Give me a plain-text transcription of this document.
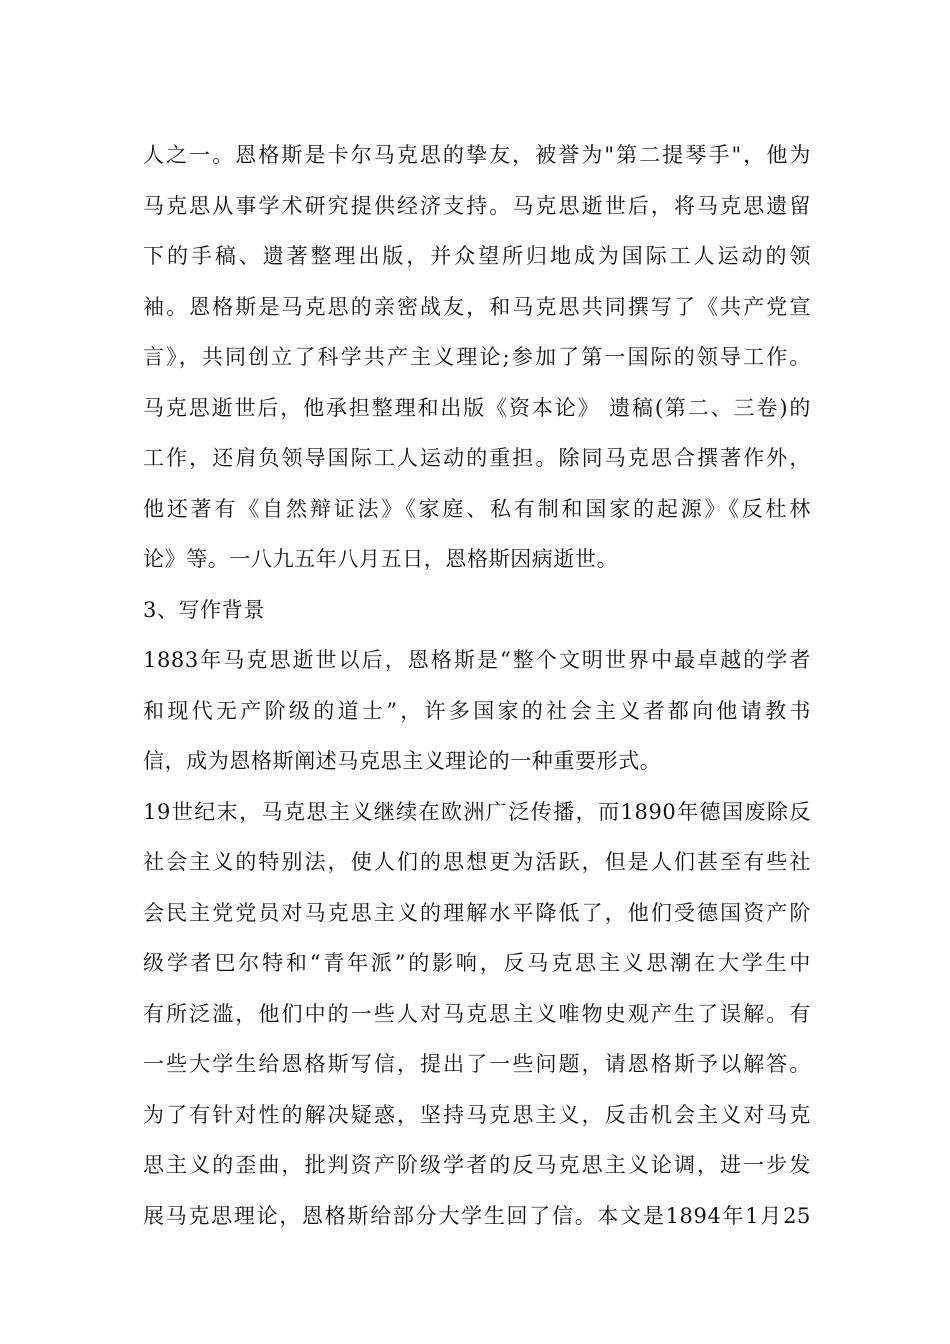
人之一。恩格斯是卡尔马克思的挚友，被誉为"第二提琴手"，他为
马克思从事学术研究提供经济支持。马克思逝世后，将马克思遗留
下的手稿、遗著整理出版，并众望所归地成为国际工人运动的领
袖。恩格斯是马克思的亲密战友，和马克思共同撰写了《共产党宣
言》，共同创立了科学共产主义理论;参加了第一国际的领导工作。
马克思逝世后，他承担整理和出版《资本论》 遗稿(第二、三卷)的
工作，还肩负领导国际工人运动的重担。除同马克思合撰著作外，
他还著有《自然辩证法》《家庭、私有制和国家的起源》《反杜林
论》等。一八九五年八月五日，恩格斯因病逝世。
3、写作背景
1883年马克思逝世以后，恩格斯是“整个文明世界中最卓越的学者
和现代无产阶级的道士”，许多国家的社会主义者都向他请教书
信，成为恩格斯阐述马克思主义理论的一种重要形式。
19世纪末，马克思主义继续在欧洲广泛传播，而1890年德国废除反
社会主义的特别法，使人们的思想更为活跃，但是人们甚至有些社
会民主党党员对马克思主义的理解水平降低了，他们受德国资产阶
级学者巴尔特和“青年派”的影响，反马克思主义思潮在大学生中
有所泛滥，他们中的一些人对马克思主义唯物史观产生了误解。有
一些大学生给恩格斯写信，提出了一些问题，请恩格斯予以解答。
为了有针对性的解决疑惑，坚持马克思主义，反击机会主义对马克
思主义的歪曲，批判资产阶级学者的反马克思主义论调，进一步发
展马克思理论，恩格斯给部分大学生回了信。本文是1894年1月25
